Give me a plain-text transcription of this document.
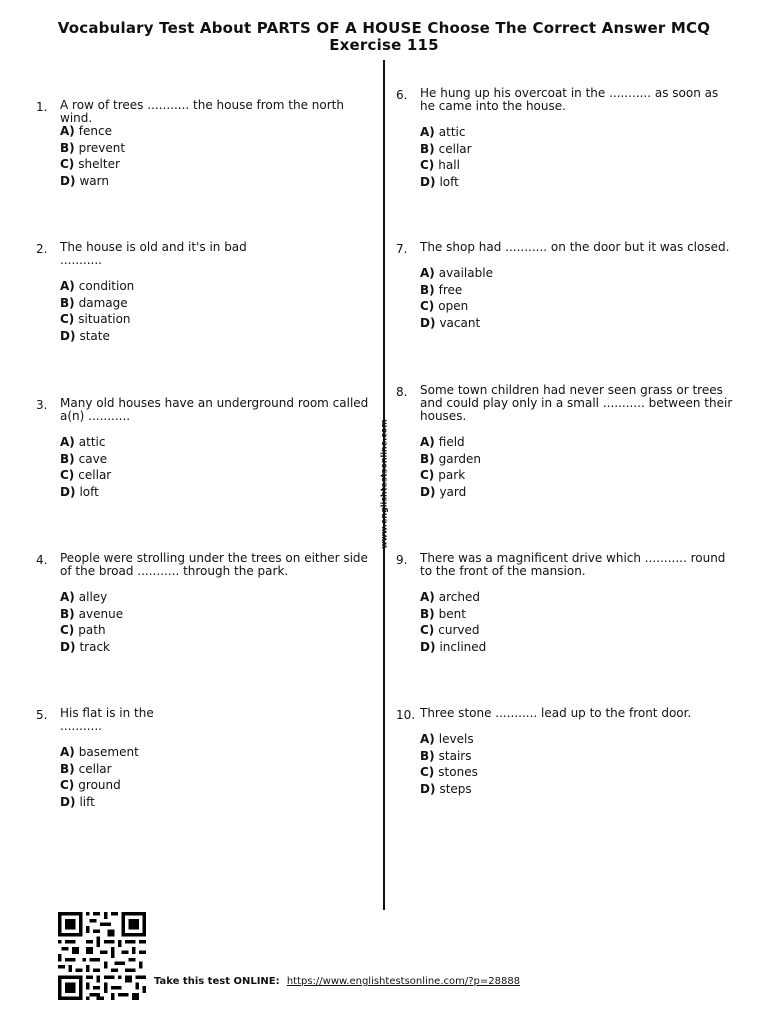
Vocabulary Test About PARTS OF A HOUSE Choose The Correct Answer MCQ
Exercise 115
www.englishtestsonline.com
1.	A row of trees ........... the house from the north wind.
A) fence
B) prevent
C) shelter
D) warn
2.	The house is old and it's in bad ...........
A) condition
B) damage
C) situation
D) state
3.	Many old houses have an underground room called a(n) ...........
A) attic
B) cave
C) cellar
D) loft
4.	People were strolling under the trees on either side of the broad ........... through the park.
A) alley
B) avenue
C) path
D) track
5.	His flat is in the ...........
A) basement
B) cellar
C) ground
D) lift
6.	He hung up his overcoat in the ........... as soon as he came into the house.
A) attic
B) cellar
C) hall
D) loft
7.	The shop had ........... on the door but it was closed.
A) available
B) free
C) open
D) vacant
8.	Some town children had never seen grass or trees and could play only in a small ........... between their houses.
A) field
B) garden
C) park
D) yard
9.	There was a magnificent drive which ........... round to the front of the mansion.
A) arched
B) bent
C) curved
D) inclined
10. Three stone ........... lead up to the front door.
A) levels
B) stairs
C) stones
D) steps
Take this test ONLINE: https://www.englishtestsonline.com/?p=28888
